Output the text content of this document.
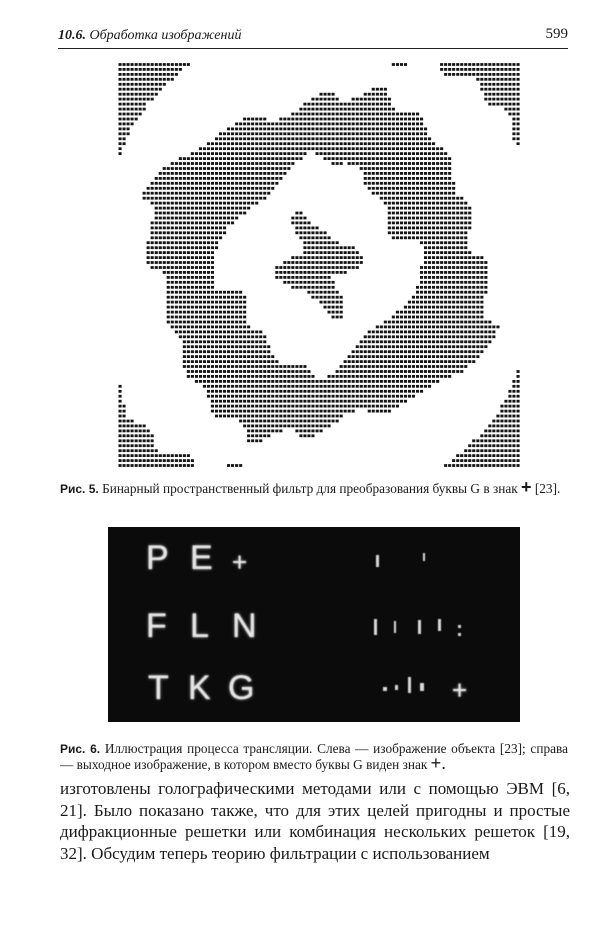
10.6. Обработка изображений	599
Рис. 5. Бинарный пространственный фильтр для преобразования буквы G в знак + [23].
P E +
F L N
T K G	+
Рис. 6. Иллюстрация процесса трансляции. Слева — изображение объекта [23]; справа — выходное изображение, в котором вместо буквы G виден знак +.

изготовлены голографическими методами или с помощью ЭВМ [6, 21]. Было показано также, что для этих целей пригодны и простые дифракционные решетки или комбинация нескольких решеток [19, 32]. Обсудим теперь теорию фильтрации с использованием
